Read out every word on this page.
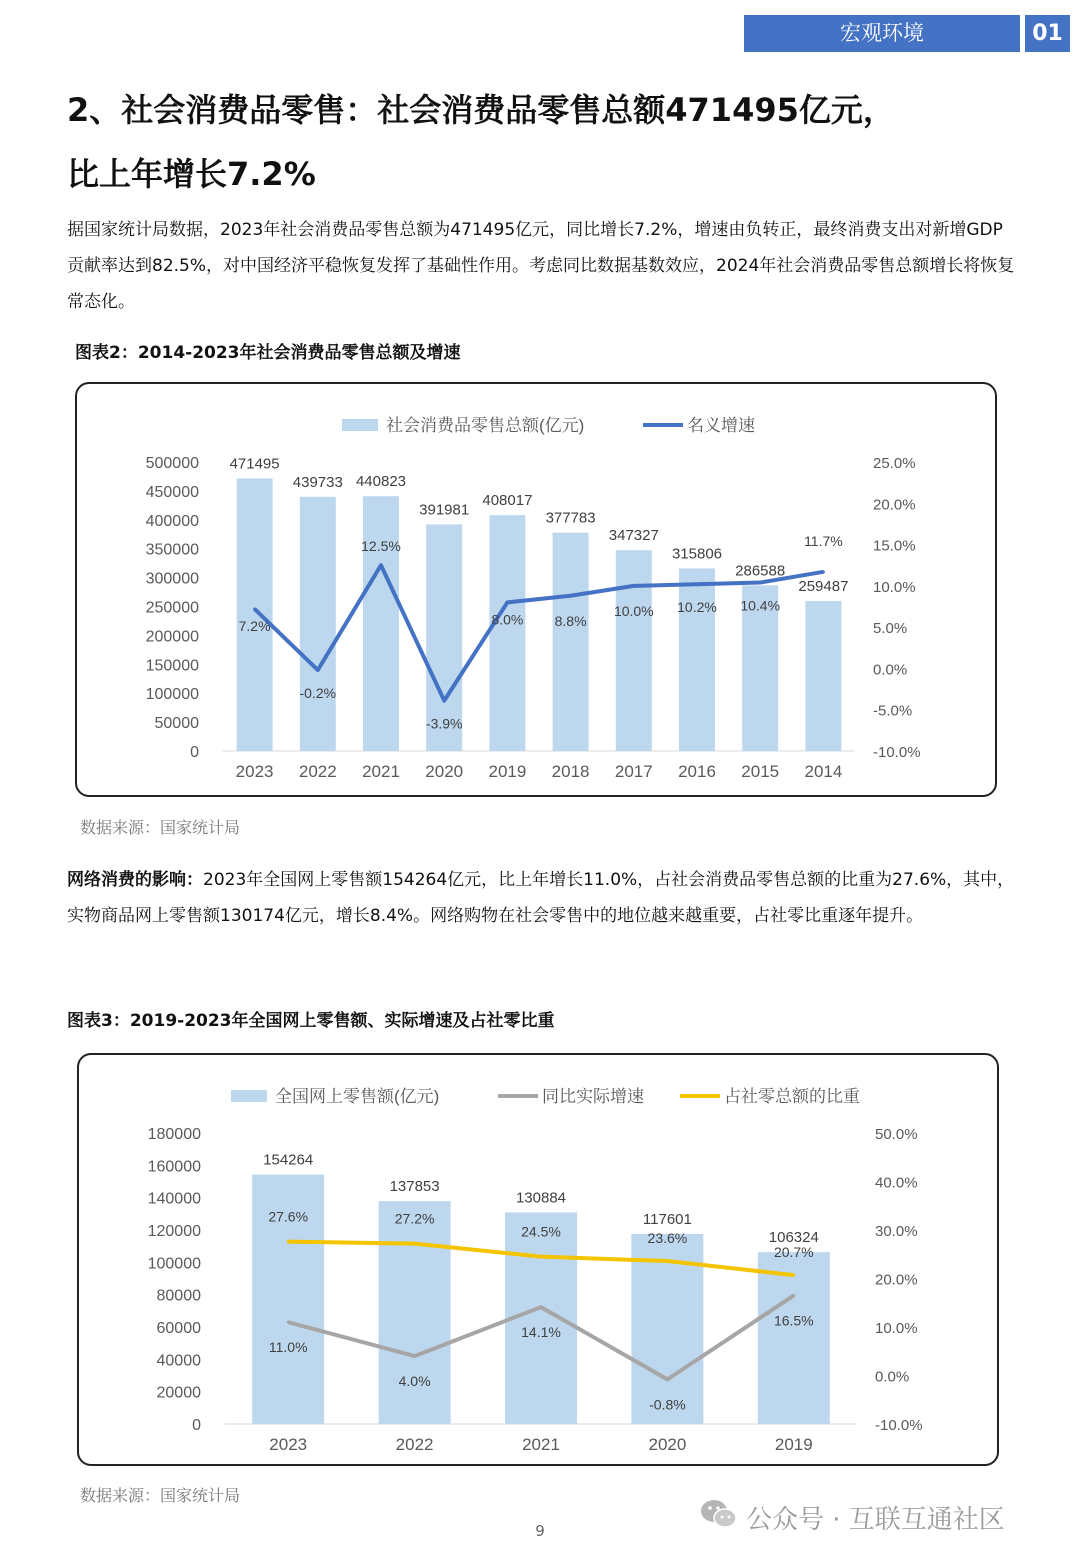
宏观环境	01
2、社会消费品零售：社会消费品零售总额471495亿元，
比上年增长7.2%
据国家统计局数据，2023年社会消费品零售总额为471495亿元，同比增长7.2%，增速由负转正，最终消费支出对新增GDP贡献率达到82.5%，对中国经济平稳恢复发挥了基础性作用。考虑同比数据基数效应，2024年社会消费品零售总额增长将恢复常态化。
图表2：2014-2023年社会消费品零售总额及增速
0
50000
100000
150000
200000
250000
300000
350000
400000
450000
500000
-10.0%
-5.0%
0.0%
5.0%
10.0%
15.0%
20.0%
25.0%
471495
439733 440823
391981
408017
377783
347327
315806
286588
259487
2023 2022 2021 2020 2019 2018 2017 2016 2015 2014
7.2%
-0.2%
12.5%
-3.9%
8.0% 8.8%
10.0% 10.2% 10.4%
11.7%
社会消费品零售总额(亿元)	名义增速
数据来源：国家统计局
网络消费的影响：2023年全国网上零售额154264亿元，比上年增长11.0%，占社会消费品零售总额的比重为27.6%，其中，实物商品网上零售额130174亿元，增长8.4%。网络购物在社会零售中的地位越来越重要，占社零比重逐年提升。
图表3：2019-2023年全国网上零售额、实际增速及占社零比重
0
20000
40000
60000
80000
100000
120000
140000
160000
180000
-10.0%
0.0%
10.0%
20.0%
30.0%
40.0%
50.0%
154264
137853
130884
117601
106324
2023	2022	2021	2020	2019
11.0%
4.0%
14.1%
-0.8%
16.5%
27.6%	27.2%
24.5%	23.6%
20.7%
全国网上零售额(亿元)	同比实际增速	占社零总额的比重
数据来源：国家统计局
9	公众号 · 互联互通社区
